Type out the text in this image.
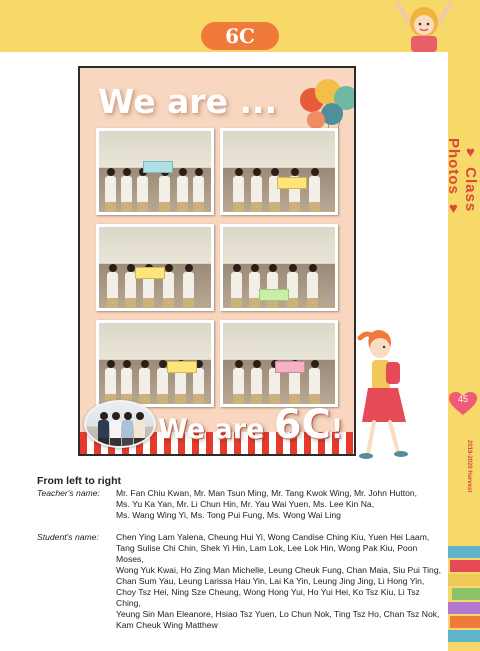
6C
♥ Class Photos ♥
45
2019-2020 Harvest
We are ...
We are 6C!
From left to right
Teacher's name:	Mr. Fan Chiu Kwan, Mr. Man Tsun Ming, Mr. Tang Kwok Wing, Mr. John Hutton,
Ms. Yu Ka Yan, Mr. Li Chun Hin, Mr. Yau Wai Yuen, Ms. Lee Kin Na,
Ms. Wang Wing Yi, Ms. Tong Pui Fung, Ms. Wong Wai Ling
Student's name:	Chen Ying Lam Yalena, Cheung Hui Yi, Wong Candise Ching Kiu, Yuen Hei Laam,
Tang Sulise Chi Chin, Shek Yi Hin, Lam Lok, Lee Lok Hin, Wong Pak Kiu, Poon Moses,
Wong Yuk Kwai, Ho Zing Man Michelle, Leung Cheuk Fung, Chan Maia, Siu Pui Ting,
Chan Sum Yau, Leung Larissa Hau Yin, Lai Ka Yin, Leung Jing Jing, Li Hong Yin,
Choy Tsz Hei, Ning Sze Cheung, Wong Hong Yui, Ho Yui Hei, Ko Tsz Kiu, Li Tsz Ching,
Yeung Sin Man Eleanore, Hsiao Tsz Yuen, Lo Chun Nok, Ting Tsz Ho, Chan Tsz Nok,
Kam Cheuk Wing Matthew
